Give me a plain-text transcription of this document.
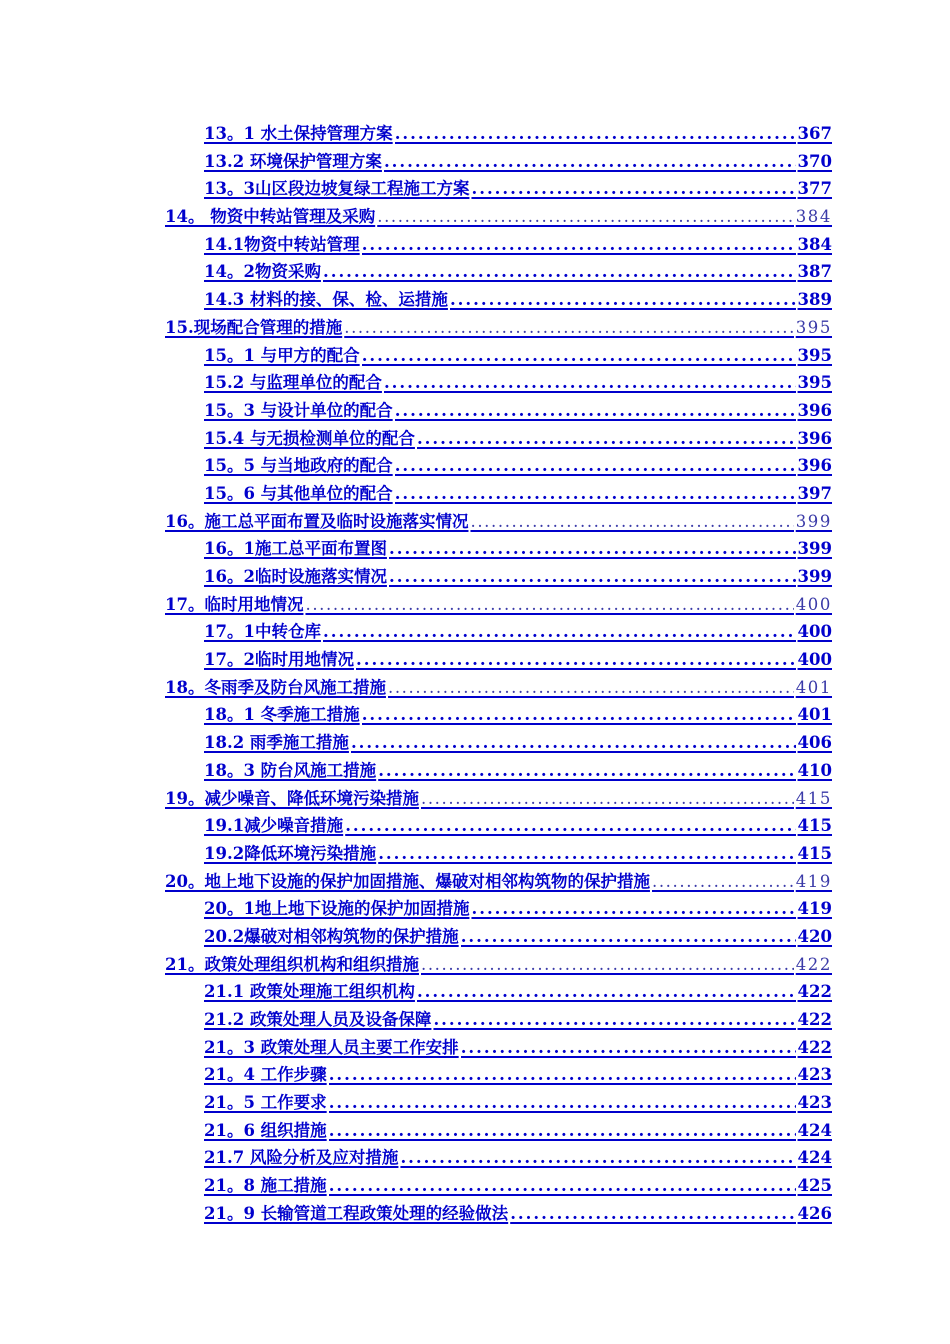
13。1 水土保持管理方案 .....	367
13.2 环境保护管理方案 .....	370
13。3山区段边坡复绿工程施工方案 .....	377
14。 物资中转站管理及采购 .....	384
14.1物资中转站管理 .....	384
14。2物资采购 .....	387
14.3 材料的接、保、检、运措施 .....	389
15.现场配合管理的措施 .....	395
15。1 与甲方的配合 .....	395
15.2 与监理单位的配合 .....	395
15。3 与设计单位的配合 .....	396
15.4 与无损检测单位的配合 .....	396
15。5 与当地政府的配合 .....	396
15。6 与其他单位的配合 .....	397
16。施工总平面布置及临时设施落实情况 .....	399
16。1施工总平面布置图 .....	399
16。2临时设施落实情况 .....	399
17。临时用地情况 .....	400
17。1中转仓库 .....	400
17。2临时用地情况 .....	400
18。冬雨季及防台风施工措施 .....	401
18。1 冬季施工措施 .....	401
18.2 雨季施工措施 .....	406
18。3 防台风施工措施 .....	410
19。减少噪音、降低环境污染措施 .....	415
19.1减少噪音措施 .....	415
19.2降低环境污染措施 .....	415
20。地上地下设施的保护加固措施、爆破对相邻构筑物的保护措施 .....	419
20。1地上地下设施的保护加固措施 .....	419
20.2爆破对相邻构筑物的保护措施 .....	420
21。政策处理组织机构和组织措施 .....	422
21.1 政策处理施工组织机构 .....	422
21.2 政策处理人员及设备保障 .....	422
21。3 政策处理人员主要工作安排 .....	422
21。4 工作步骤 .....	423
21。5 工作要求 .....	423
21。6 组织措施 .....	424
21.7 风险分析及应对措施 .....	424
21。8 施工措施 .....	425
21。9 长输管道工程政策处理的经验做法 .....	426
